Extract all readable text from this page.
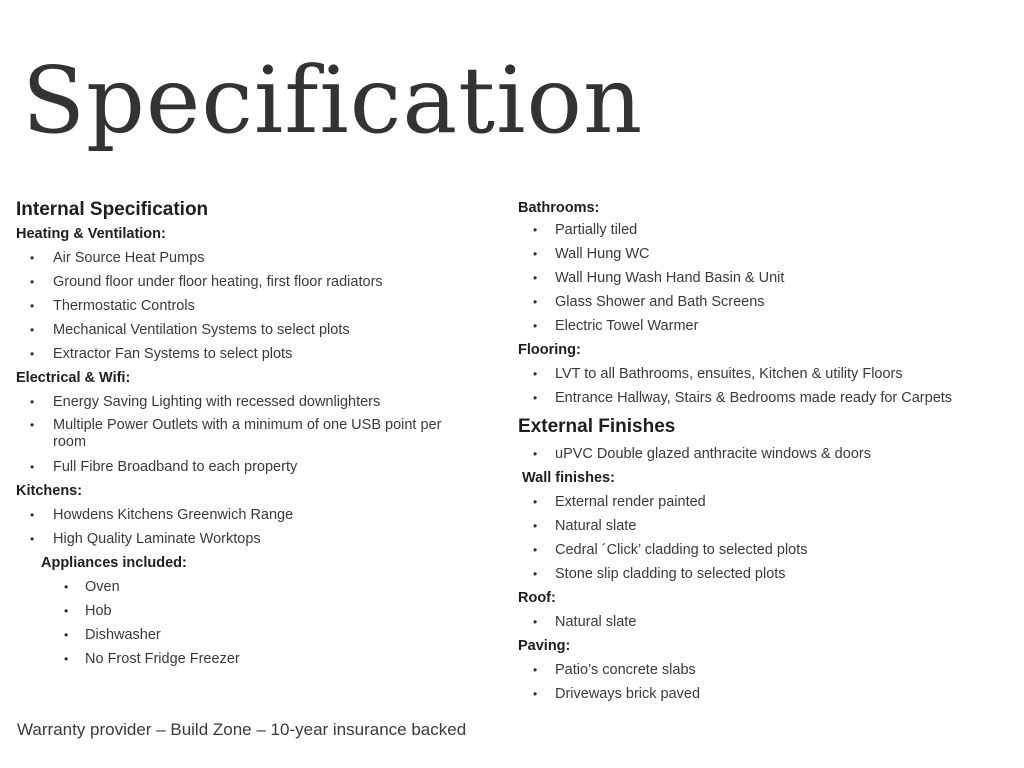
Specification
Internal Specification
Heating & Ventilation:
• Air Source Heat Pumps
• Ground floor under floor heating, first floor radiators
• Thermostatic Controls
• Mechanical Ventilation Systems to select plots
• Extractor Fan Systems to select plots
Electrical & Wifi:
• Energy Saving Lighting with recessed downlighters
• Multiple Power Outlets with a minimum of one USB point per room
• Full Fibre Broadband to each property
Kitchens:
• Howdens Kitchens Greenwich Range
• High Quality Laminate Worktops
Appliances included:
• Oven
• Hob
• Dishwasher
• No Frost Fridge Freezer
Bathrooms:
• Partially tiled
• Wall Hung WC
• Wall Hung Wash Hand Basin & Unit
• Glass Shower and Bath Screens
• Electric Towel Warmer
Flooring:
• LVT to all Bathrooms, ensuites, Kitchen & utility Floors
• Entrance Hallway, Stairs & Bedrooms made ready for Carpets
External Finishes
• uPVC Double glazed anthracite windows & doors
Wall finishes:
• External render painted
• Natural slate
• Cedral ´Click’ cladding to selected plots
• Stone slip cladding to selected plots
Roof:
• Natural slate
Paving:
• Patio’s concrete slabs
• Driveways brick paved
Warranty provider – Build Zone – 10-year insurance backed
